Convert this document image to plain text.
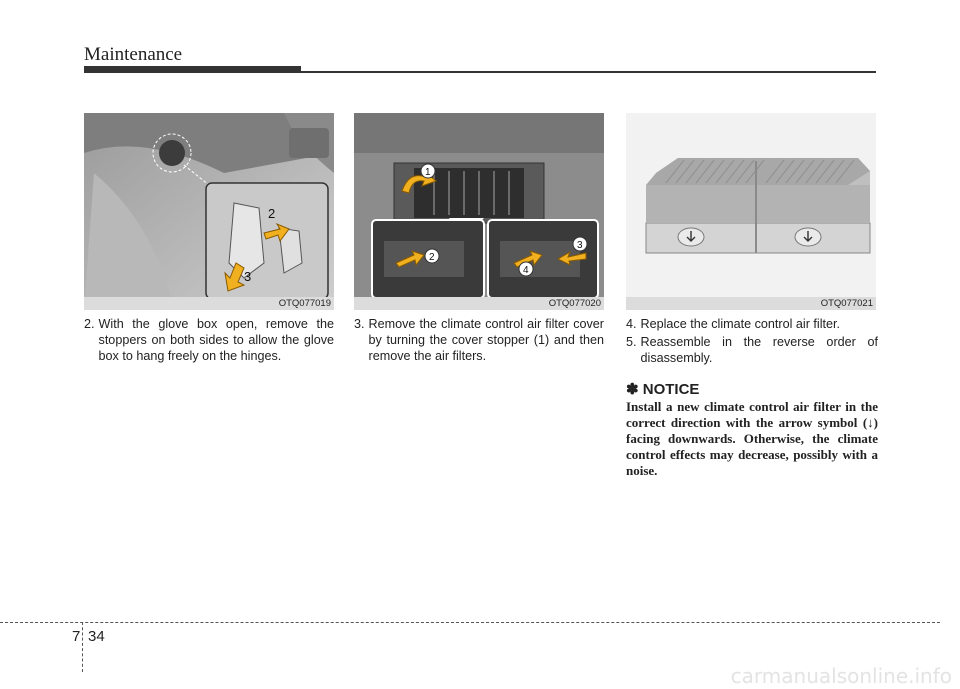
Maintenance
2
3
OTQ077019
1
2
3
4
OTQ077020	OTQ077021
2. With the glove box open, remove the stoppers on both sides to allow the glove box to hang freely on the hinges.
3. Remove the climate control air filter cover by turning the cover stopper (1) and then remove the air filters.
4. Replace the climate control air filter.
5. Reassemble in the reverse order of disassembly.
✽ NOTICE
Install a new climate control air filter in the correct direction with the arrow symbol (↓) facing downwards. Otherwise, the climate control effects may decrease, possibly with a noise.
7 34
carmanualsonline.info
